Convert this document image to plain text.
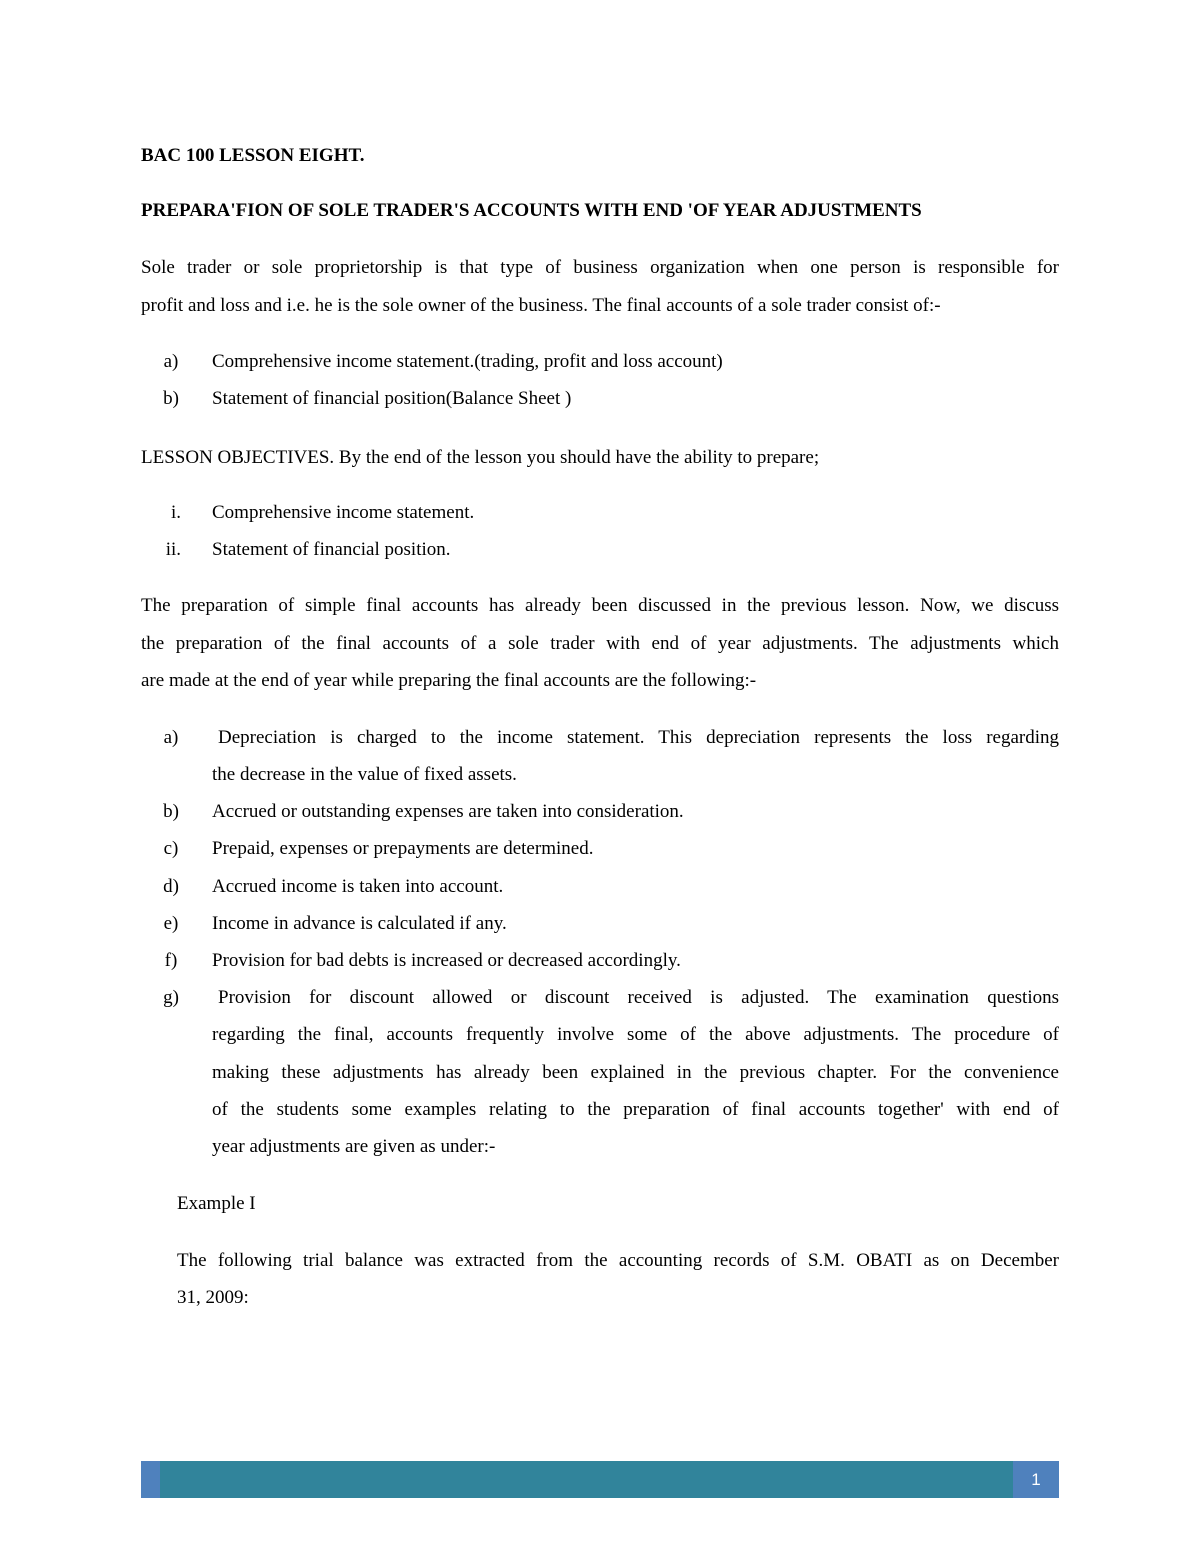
BAC 100 LESSON EIGHT.
PREPARA'FION OF SOLE TRADER'S ACCOUNTS WITH END 'OF YEAR ADJUSTMENTS
Sole trader or sole proprietorship is that type of business organization when one person is responsible for
profit and loss and i.e. he is the sole owner of the business. The final accounts of a sole trader consist of:-
a)	Comprehensive income statement.(trading, profit and loss account)
b)	Statement of financial position(Balance Sheet )
LESSON OBJECTIVES. By the end of the lesson you should have the ability to prepare;
i. Comprehensive income statement.
ii. Statement of financial position.
The preparation of simple final accounts has already been discussed in the previous lesson. Now, we discuss
the preparation of the final accounts of a sole trader with end of year adjustments. The adjustments which
are made at the end of year while preparing the final accounts are the following:-
a)	Depreciation is charged to the income statement. This depreciation represents the loss regarding
the decrease in the value of fixed assets.
b)	Accrued or outstanding expenses are taken into consideration.
c)	Prepaid, expenses or prepayments are determined.
d)	Accrued income is taken into account.
e)	Income in advance is calculated if any.
f)	Provision for bad debts is increased or decreased accordingly.
g)	Provision for discount allowed or discount received is adjusted. The examination questions
regarding the final, accounts frequently involve some of the above adjustments. The procedure of
making these adjustments has already been explained in the previous chapter. For the convenience
of the students some examples relating to the preparation of final accounts together' with end of
year adjustments are given as under:-
Example I
The following trial balance was extracted from the accounting records of S.M. OBATI as on December
31, 2009:
1
